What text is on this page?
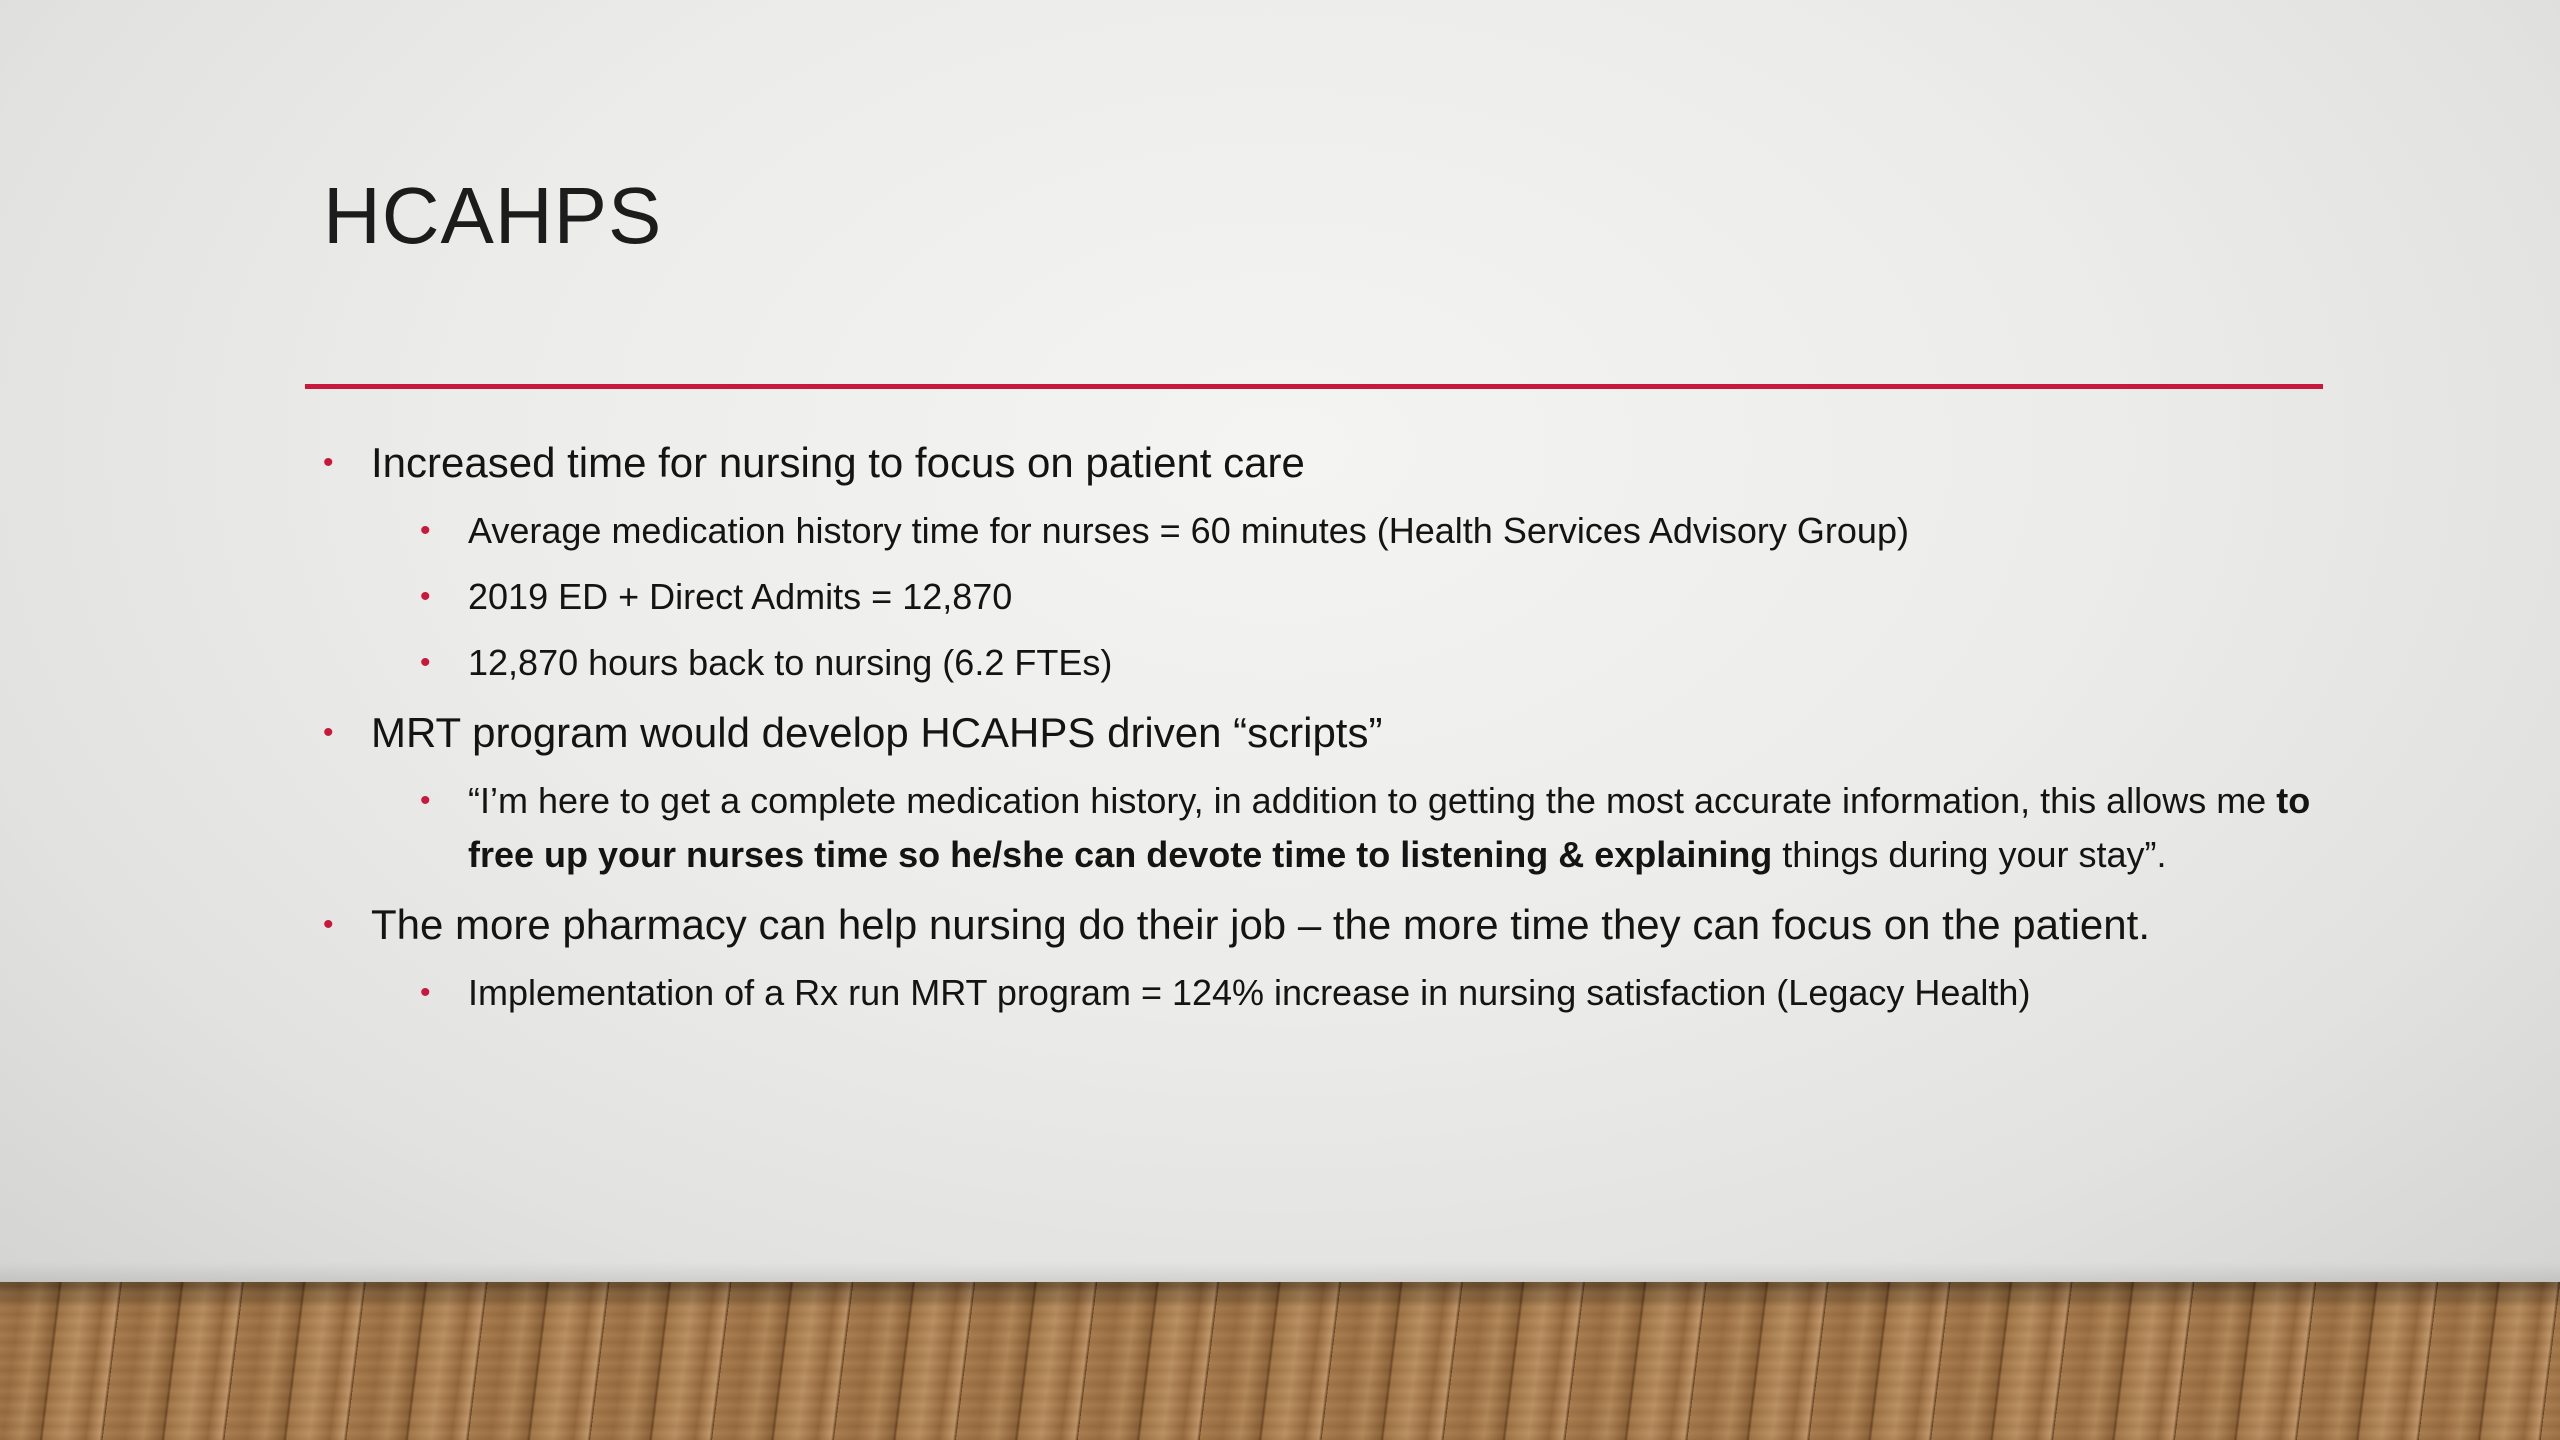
HCAHPS
• Increased time for nursing to focus on patient care
• Average medication history time for nurses = 60 minutes (Health Services Advisory Group)
• 2019 ED + Direct Admits = 12,870
• 12,870 hours back to nursing (6.2 FTEs)
• MRT program would develop HCAHPS driven “scripts”
• “I’m here to get a complete medication history, in addition to getting the most accurate information, this allows me to free up your nurses time so he/she can devote time to listening & explaining things during your stay”.
• The more pharmacy can help nursing do their job – the more time they can focus on the patient.
• Implementation of a Rx run MRT program = 124% increase in nursing satisfaction (Legacy Health)
